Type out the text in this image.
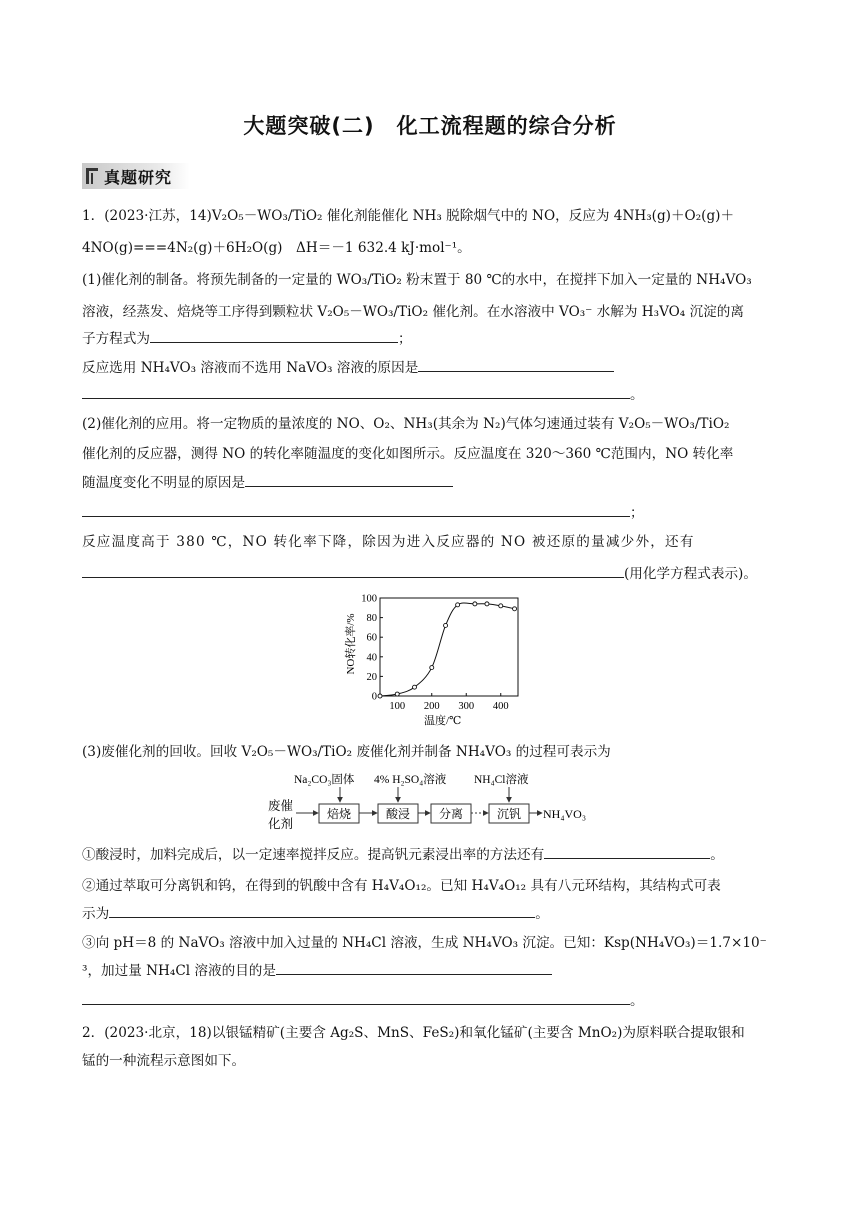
大题突破(二)　化工流程题的综合分析
真题研究
1．(2023·江苏，14)V₂O₅－WO₃/TiO₂ 催化剂能催化 NH₃ 脱除烟气中的 NO，反应为 4NH₃(g)＋O₂(g)＋
4NO(g)===4N₂(g)＋6H₂O(g)　ΔH＝－1 632.4 kJ·mol⁻¹。
(1)催化剂的制备。将预先制备的一定量的 WO₃/TiO₂ 粉末置于 80 ℃的水中，在搅拌下加入一定量的 NH₄VO₃
溶液，经蒸发、焙烧等工序得到颗粒状 V₂O₅－WO₃/TiO₂ 催化剂。在水溶液中 VO₃⁻ 水解为 H₃VO₄ 沉淀的离
子方程式为	；
反应选用 NH₄VO₃ 溶液而不选用 NaVO₃ 溶液的原因是
。
(2)催化剂的应用。将一定物质的量浓度的 NO、O₂、NH₃(其余为 N₂)气体匀速通过装有 V₂O₅－WO₃/TiO₂
催化剂的反应器，测得 NO 的转化率随温度的变化如图所示。反应温度在 320～360 ℃范围内，NO 转化率
随温度变化不明显的原因是
；
反应温度高于 380 ℃，NO 转化率下降，除因为进入反应器的 NO 被还原的量减少外，还有
(用化学方程式表示)。
0
20
40
60
80
100
100 200 300 400
温度/℃
NO转化率/%
(3)废催化剂的回收。回收 V₂O₅－WO₃/TiO₂ 废催化剂并制备 NH₄VO₃ 的过程可表示为
Na₂CO₃固体 4% H₂SO₄溶液 NH₄Cl溶液
废催
化剂
焙烧	酸浸 分离	沉钒 NH₄VO₃
①酸浸时，加料完成后，以一定速率搅拌反应。提高钒元素浸出率的方法还有	。
②通过萃取可分离钒和钨，在得到的钒酸中含有 H₄V₄O₁₂。已知 H₄V₄O₁₂ 具有八元环结构，其结构式可表
示为	。
③向 pH＝8 的 NaVO₃ 溶液中加入过量的 NH₄Cl 溶液，生成 NH₄VO₃ 沉淀。已知：Ksp(NH₄VO₃)＝1.7×10⁻
³，加过量 NH₄Cl 溶液的目的是
。
2．(2023·北京，18)以银锰精矿(主要含 Ag₂S、MnS、FeS₂)和氧化锰矿(主要含 MnO₂)为原料联合提取银和
锰的一种流程示意图如下。
